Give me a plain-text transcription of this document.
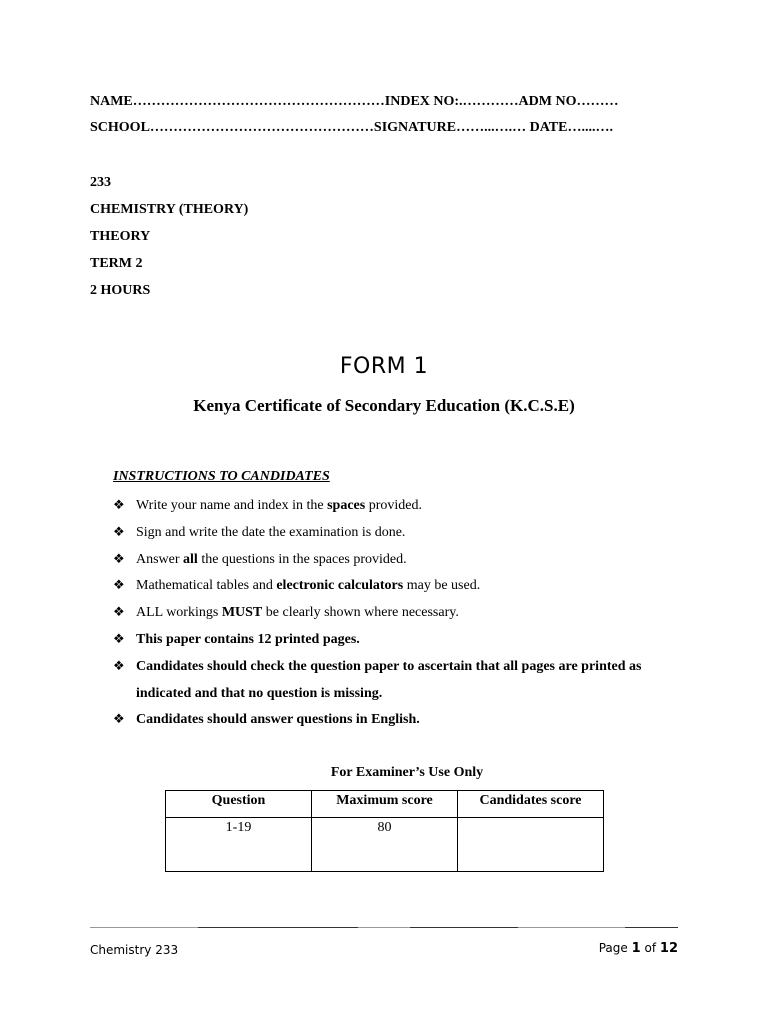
NAME………………………………………………INDEX NO:.…………ADM NO………
SCHOOL…………………………………………SIGNATURE……...….… DATE…....….
233
CHEMISTRY (THEORY)
THEORY
TERM 2
2 HOURS
FORM 1
Kenya Certificate of Secondary Education (K.C.S.E)
INSTRUCTIONS TO CANDIDATES
❖ Write your name and index in the spaces provided.
❖ Sign and write the date the examination is done.
❖ Answer all the questions in the spaces provided.
❖ Mathematical tables and electronic calculators may be used.
❖ ALL workings MUST be clearly shown where necessary.
❖ This paper contains 12 printed pages.
❖ Candidates should check the question paper to ascertain that all pages are printed as indicated and that no question is missing.
❖ Candidates should answer questions in English.
For Examiner’s Use Only
Question	Maximum score	Candidates score
1-19	80	
Chemistry 233	Page 1 of 12
